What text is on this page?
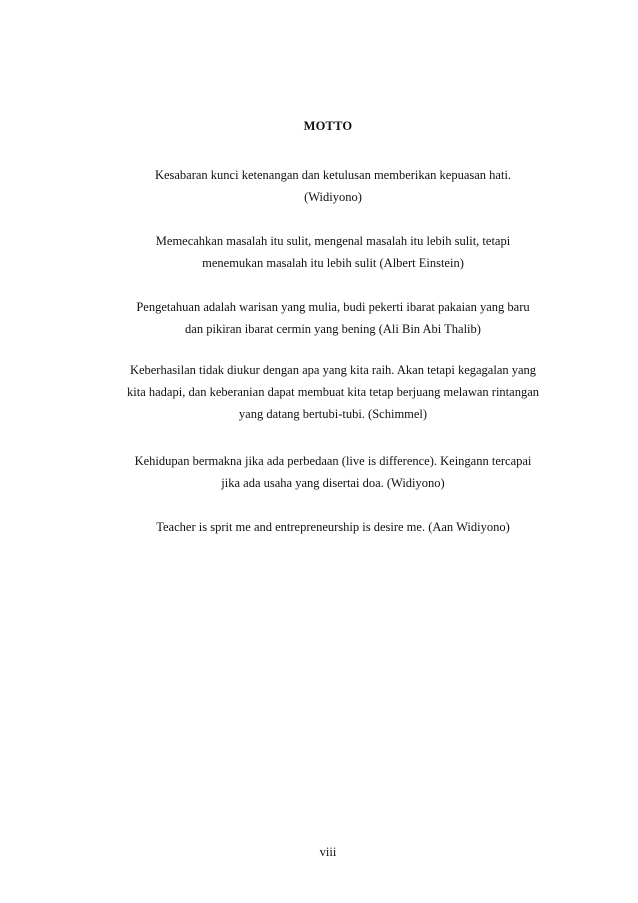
MOTTO
Kesabaran kunci ketenangan dan ketulusan memberikan kepuasan hati.
(Widiyono)
Memecahkan masalah itu sulit, mengenal masalah itu lebih sulit, tetapi
menemukan masalah itu lebih sulit (Albert Einstein)
Pengetahuan adalah warisan yang mulia, budi pekerti ibarat pakaian yang baru
dan pikiran ibarat cermin yang bening (Ali Bin Abi Thalib)
Keberhasilan tidak diukur dengan apa yang kita raih. Akan tetapi kegagalan yang
kita hadapi, dan keberanian dapat membuat kita tetap berjuang melawan rintangan
yang datang bertubi-tubi. (Schimmel)
Kehidupan bermakna jika ada perbedaan (live is difference). Keingann tercapai
jika ada usaha yang disertai doa. (Widiyono)
Teacher is sprit me and entrepreneurship is desire me. (Aan Widiyono)
viii
